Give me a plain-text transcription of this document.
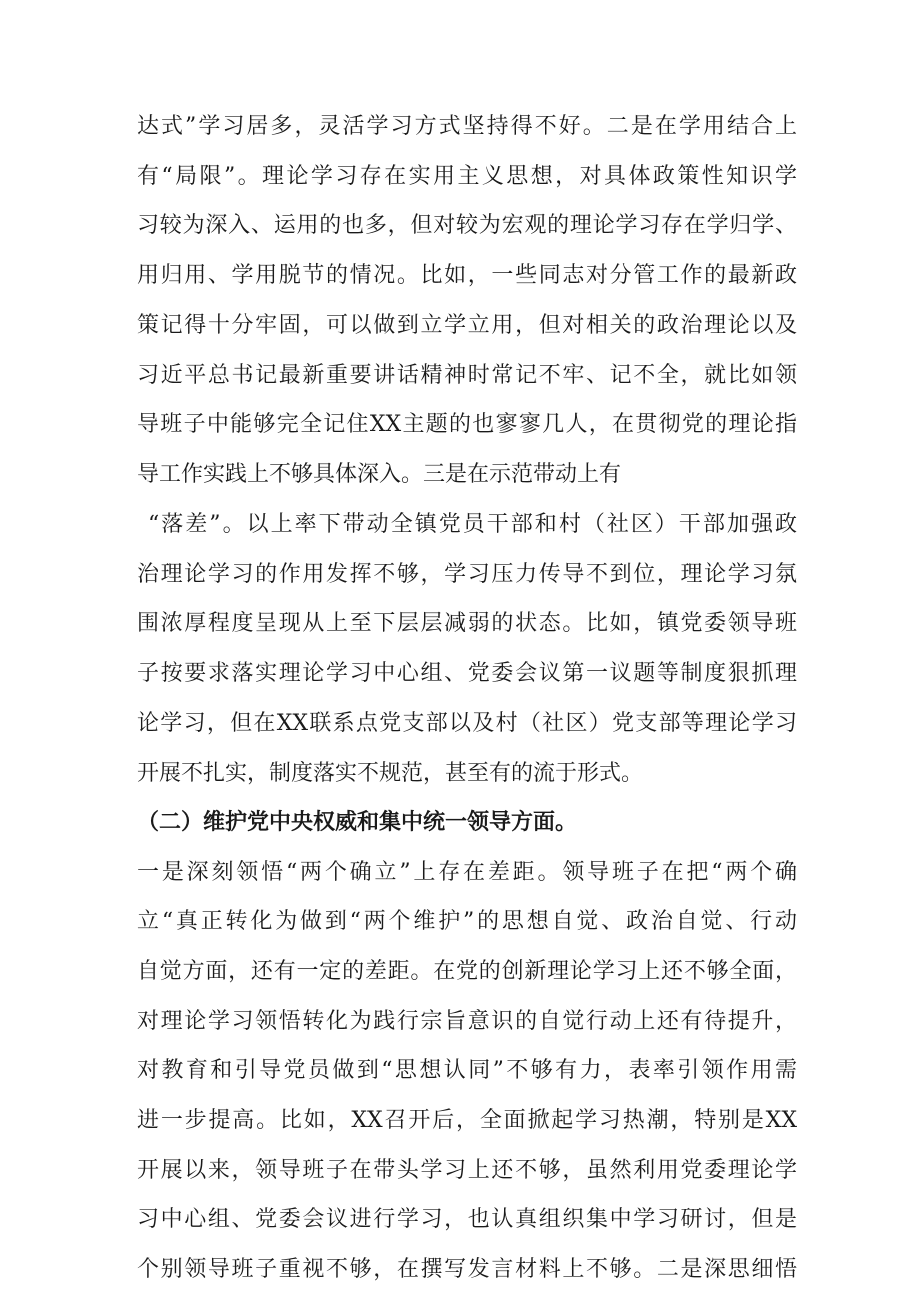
达式”学习居多，灵活学习方式坚持得不好。二是在学用结合上
有“局限”。理论学习存在实用主义思想，对具体政策性知识学
习较为深入、运用的也多，但对较为宏观的理论学习存在学归学、
用归用、学用脱节的情况。比如，一些同志对分管工作的最新政
策记得十分牢固，可以做到立学立用，但对相关的政治理论以及
习近平总书记最新重要讲话精神时常记不牢、记不全，就比如领
导班子中能够完全记住XX主题的也寥寥几人，在贯彻党的理论指
导工作实践上不够具体深入。三是在示范带动上有
“落差”。以上率下带动全镇党员干部和村（社区）干部加强政
治理论学习的作用发挥不够，学习压力传导不到位，理论学习氛
围浓厚程度呈现从上至下层层减弱的状态。比如，镇党委领导班
子按要求落实理论学习中心组、党委会议第一议题等制度狠抓理
论学习，但在XX联系点党支部以及村（社区）党支部等理论学习
开展不扎实，制度落实不规范，甚至有的流于形式。
（二）维护党中央权威和集中统一领导方面。
一是深刻领悟“两个确立”上存在差距。领导班子在把“两个确
立“真正转化为做到“两个维护”的思想自觉、政治自觉、行动
自觉方面，还有一定的差距。在党的创新理论学习上还不够全面，
对理论学习领悟转化为践行宗旨意识的自觉行动上还有待提升，
对教育和引导党员做到“思想认同”不够有力，表率引领作用需
进一步提高。比如，XX召开后，全面掀起学习热潮，特别是XX
开展以来，领导班子在带头学习上还不够，虽然利用党委理论学
习中心组、党委会议进行学习，也认真组织集中学习研讨，但是
个别领导班子重视不够，在撰写发言材料上不够。二是深思细悟
